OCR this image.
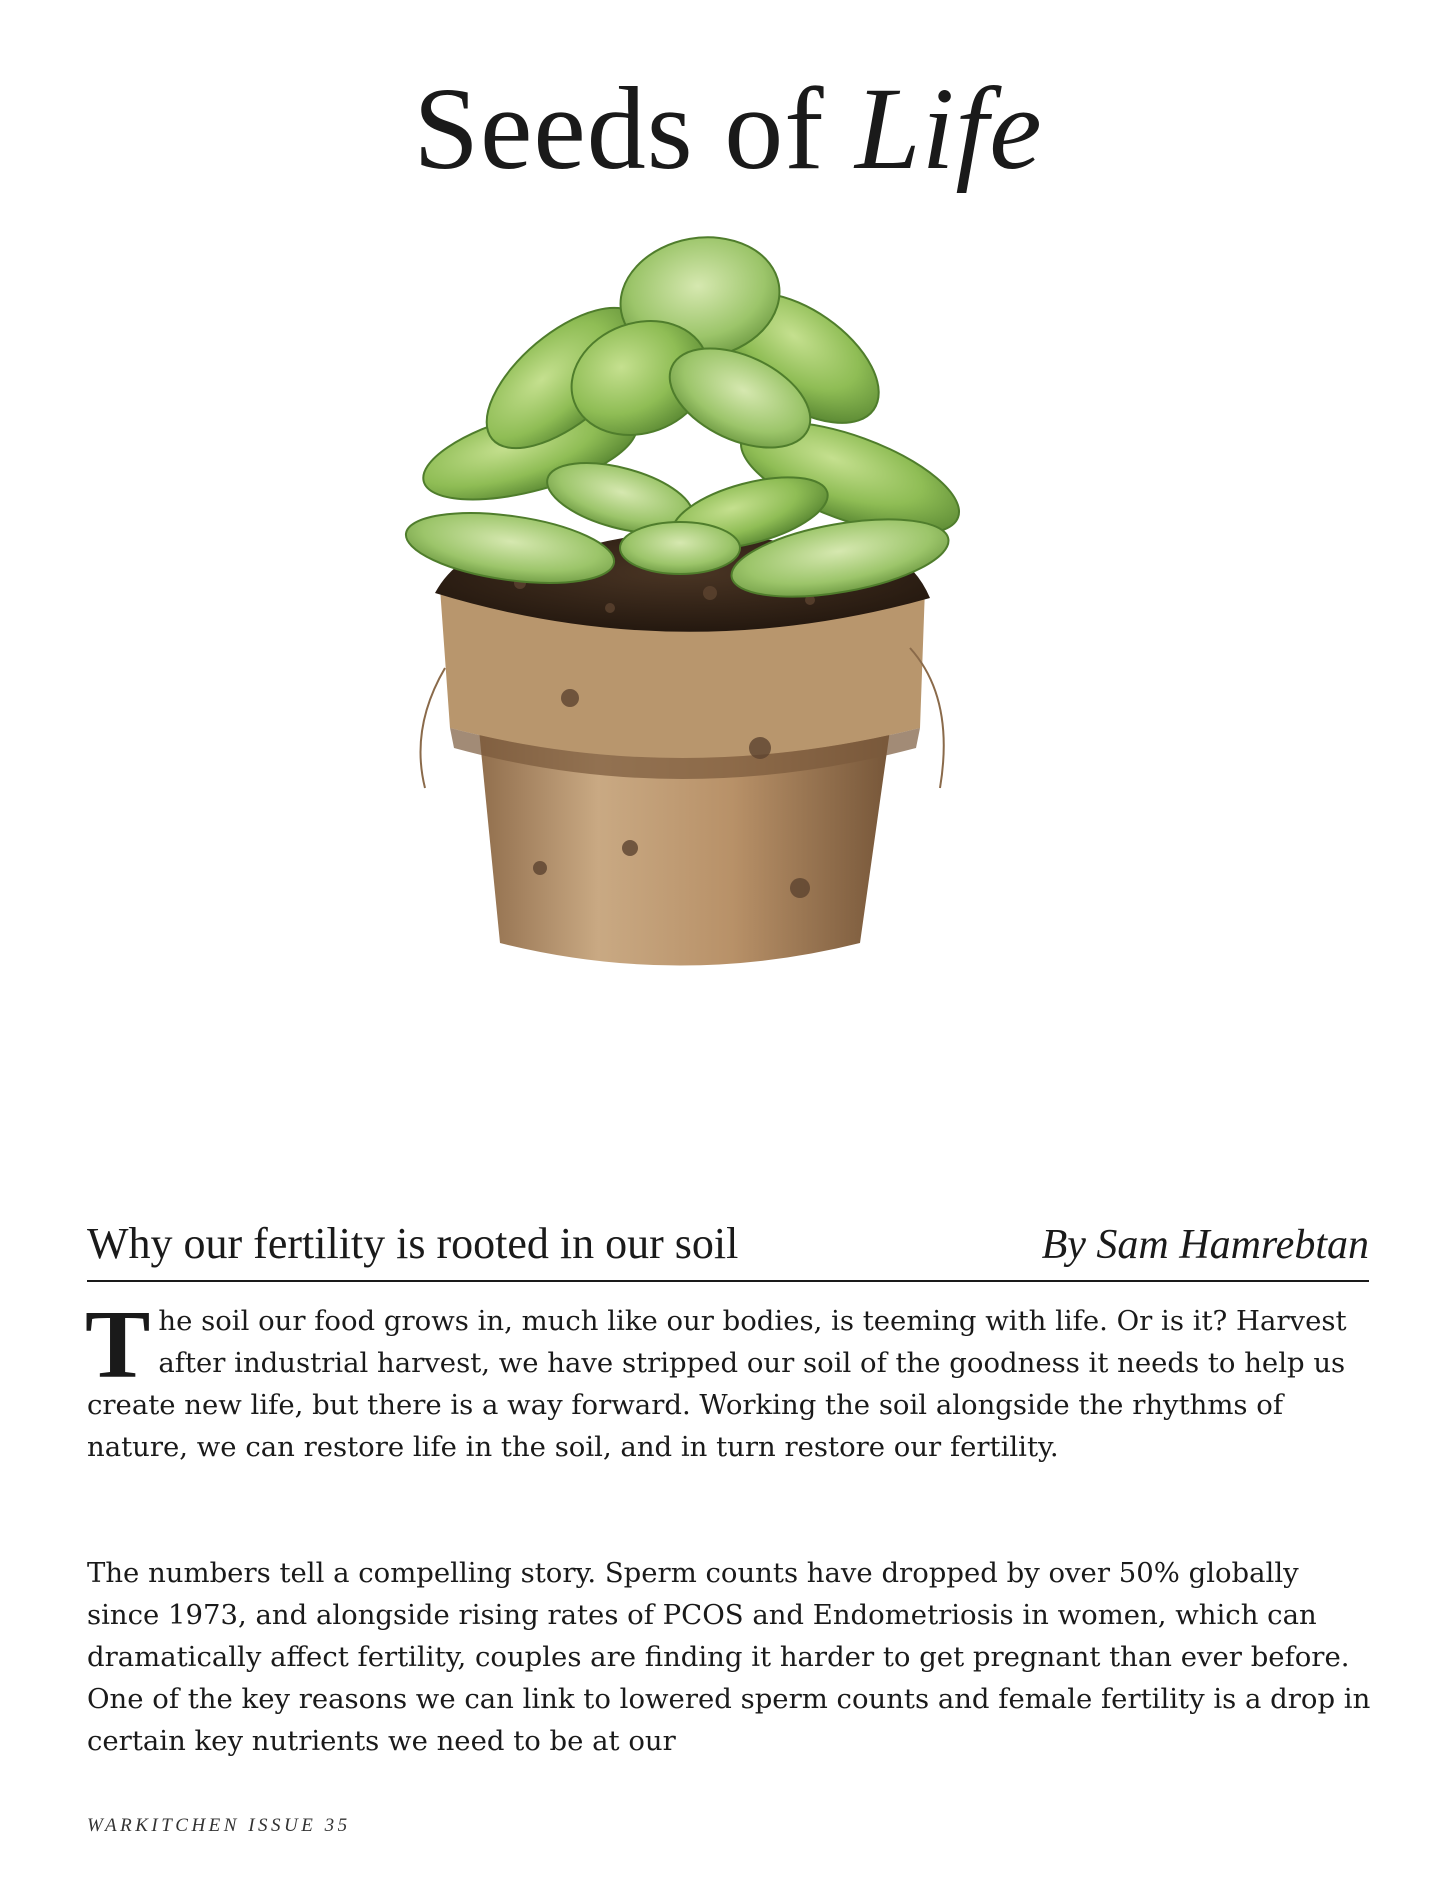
Seeds of Life
Why our fertility is rooted in our soil	By Sam Hamrebtan

The soil our food grows in, much like our bodies, is teeming with life. Or is it? Harvest after industrial harvest, we have stripped our soil of the goodness it needs to help us create new life, but there is a way forward. Working the soil alongside the rhythms of nature, we can restore life in the soil, and in turn restore our fertility.

The numbers tell a compelling story. Sperm counts have dropped by over 50% globally since 1973, and alongside rising rates of PCOS and Endometriosis in women, which can dramatically affect fertility, couples are finding it harder to get pregnant than ever before. One of the key reasons we can link to lowered sperm counts and female fertility is a drop in certain key nutrients we need to be at our

WARKITCHEN ISSUE 35
